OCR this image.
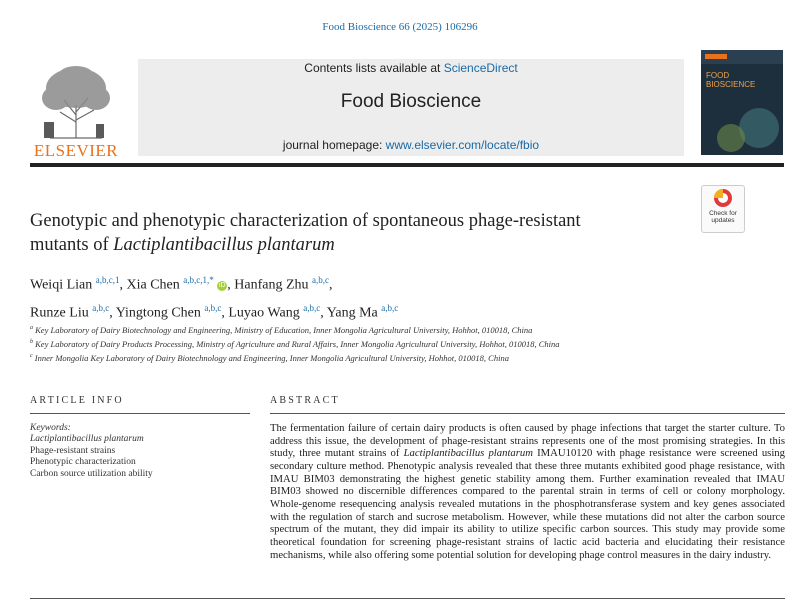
Food Bioscience 66 (2025) 106296
ELSEVIER
Contents lists available at ScienceDirect
Food Bioscience
journal homepage: www.elsevier.com/locate/fbio
FOOD
BIOSCIENCE
Check for
updates
Genotypic and phenotypic characterization of spontaneous phage-resistant
mutants of Lactiplantibacillus plantarum
Weiqi Lian $^{a,b,c,1}$, Xia Chen $^{a,b,c,1,*}$ iD , Hanfang Zhu $^{a,b,c}$,
Runze Liu $^{a,b,c}$, Yingtong Chen $^{a,b,c}$, Luyao Wang $^{a,b,c}$, Yang Ma $^{a,b,c}$
$^a$ Key Laboratory of Dairy Biotechnology and Engineering, Ministry of Education, Inner Mongolia Agricultural University, Hohhot, 010018, China
$^b$ Key Laboratory of Dairy Products Processing, Ministry of Agriculture and Rural Affairs, Inner Mongolia Agricultural University, Hohhot, 010018, China
$^c$ Inner Mongolia Key Laboratory of Dairy Biotechnology and Engineering, Inner Mongolia Agricultural University, Hohhot, 010018, China
ARTICLE INFO
Keywords:
Lactiplantibacillus plantarum
Phage-resistant strains
Phenotypic characterization
Carbon source utilization ability
ABSTRACT
The fermentation failure of certain dairy products is often caused by phage infections that target the starter culture. To address this issue, the development of phage-resistant strains represents one of the most promising strategies. In this study, three mutant strains of Lactiplantibacillus plantarum IMAU10120 with phage resistance were screened using secondary culture method. Phenotypic analysis revealed that these three mutants exhibited good phage resistance, with IMAU BIM03 demonstrating the highest genetic stability among them. Further examination revealed that IMAU BIM03 showed no discernible differences compared to the parental strain in terms of cell or colony morphology. Whole-genome resequencing analysis revealed mutations in the phosphotransferase system and key genes associated with the regulation of starch and sucrose metabolism. However, while these mutations did not alter the carbon source spectrum of the mutant, they did impair its ability to utilize specific carbon sources. This study may provide some theoretical foundation for screening phage-resistant strains of lactic acid bacteria and elucidating their resistance mechanisms, while also offering some potential solution for developing phage control measures in the dairy industry.
